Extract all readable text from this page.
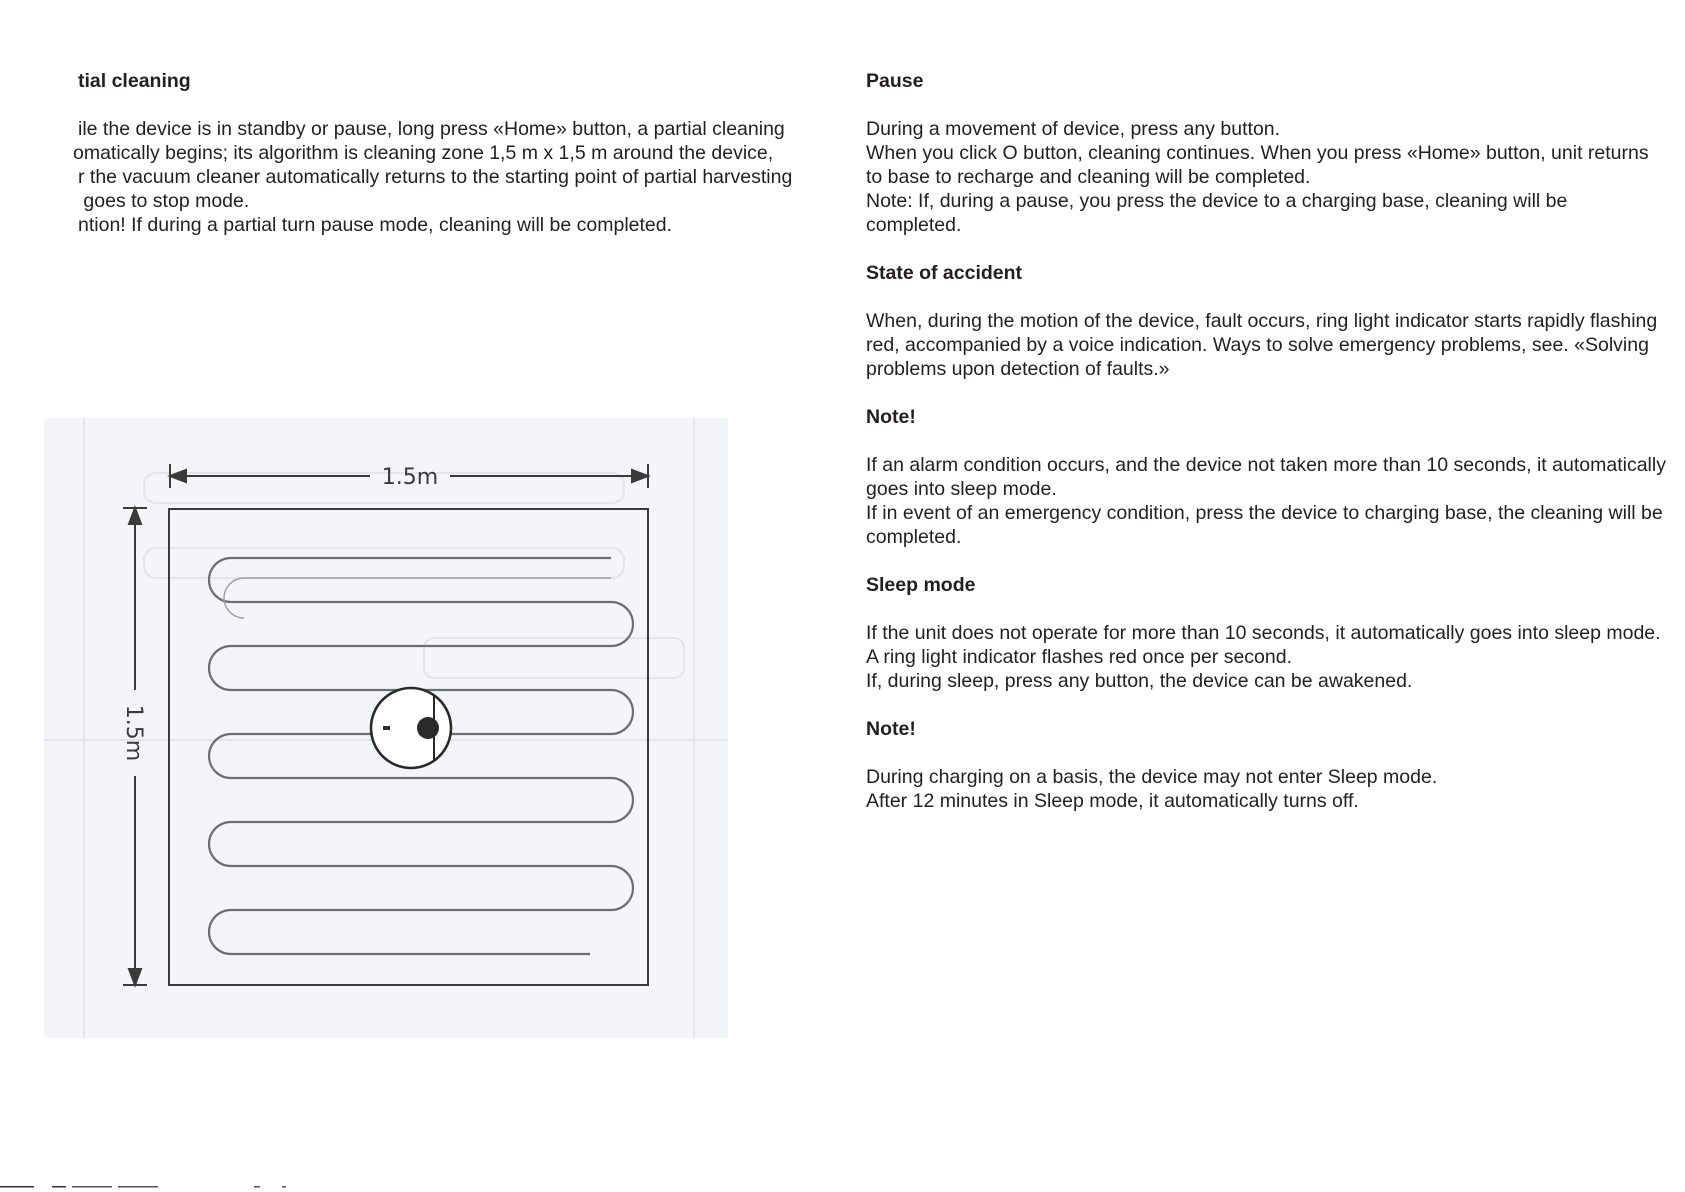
tial cleaning

ile the device is in standby or pause, long press «Home» button, a partial cleaning
omatically begins; its algorithm is cleaning zone 1,5 m x 1,5 m around the device,
r the vacuum cleaner automatically returns to the starting point of partial harvesting
goes to stop mode.
ntion! If during a partial turn pause mode, cleaning will be completed.
1.5m
1.5m

Pause

During a movement of device, press any button.
When you click O button, cleaning continues. When you press «Home» button, unit returns to base to recharge and cleaning will be completed.
Note: If, during a pause, you press the device to a charging base, cleaning will be completed.

State of accident

When, during the motion of the device, fault occurs, ring light indicator starts rapidly flashing red, accompanied by a voice indication. Ways to solve emergency problems, see. «Solving problems upon detection of faults.»

Note!

If an alarm condition occurs, and the device not taken more than 10 seconds, it automatically goes into sleep mode.
If in event of an emergency condition, press the device to charging base, the cleaning will be completed.

Sleep mode

If the unit does not operate for more than 10 seconds, it automatically goes into sleep mode. A ring light indicator flashes red once per second.
If, during sleep, press any button, the device can be awakened.

Note!

During charging on a basis, the device may not enter Sleep mode.
After 12 minutes in Sleep mode, it automatically turns off.
